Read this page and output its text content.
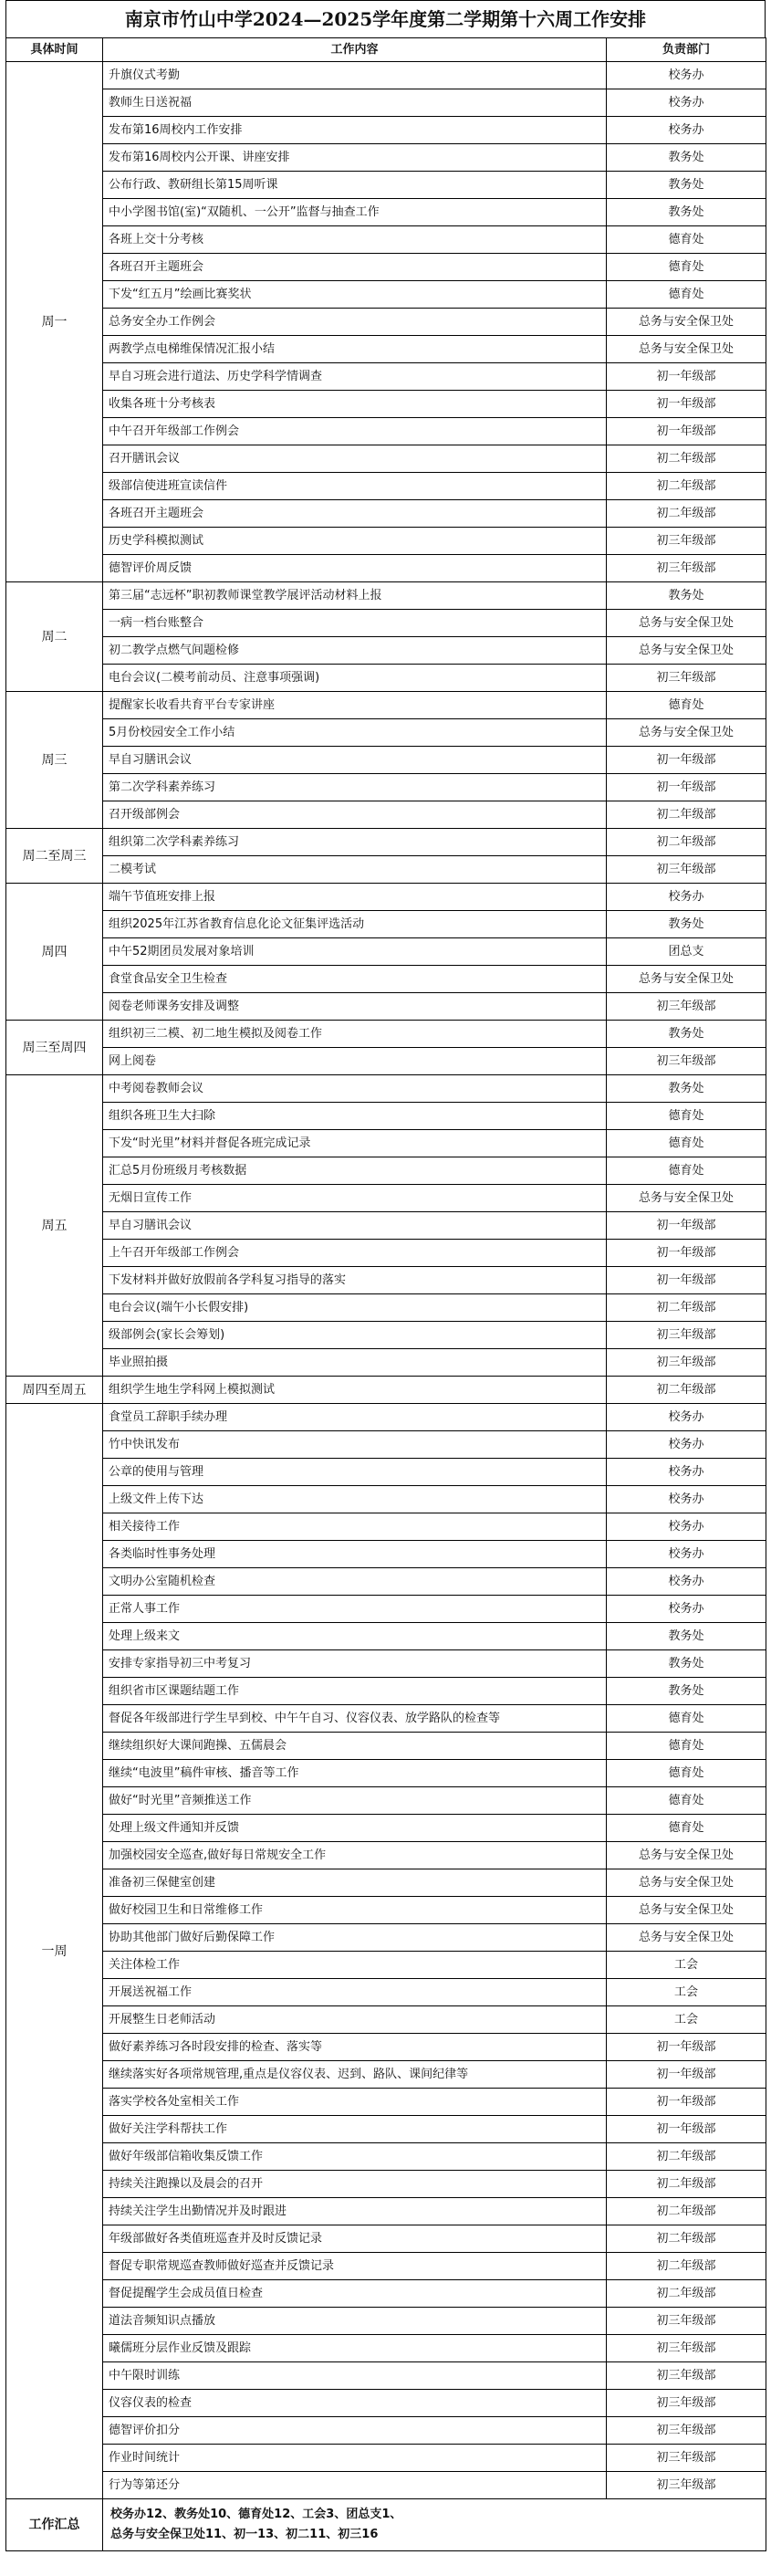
南京市竹山中学2024—2025学年度第二学期第十六周工作安排
具体时间	工作内容	负责部门
周一	升旗仪式考勤	校务办
	教师生日送祝福	校务办
	发布第16周校内工作安排	校务办
	发布第16周校内公开课、讲座安排	教务处
	公布行政、教研组长第15周听课	教务处
	中小学图书馆(室)“双随机、一公开”监督与抽查工作	教务处
	各班上交十分考核	德育处
	各班召开主题班会	德育处
	下发“红五月”绘画比赛奖状	德育处
	总务安全办工作例会	总务与安全保卫处
	两教学点电梯维保情况汇报小结	总务与安全保卫处
	早自习班会进行道法、历史学科学情调查	初一年级部
	收集各班十分考核表	初一年级部
	中午召开年级部工作例会	初一年级部
	召开膳讯会议	初二年级部
	级部信使进班宣读信件	初二年级部
	各班召开主题班会	初二年级部
	历史学科模拟测试	初三年级部
	德智评价周反馈	初三年级部
周二	第三届“志远杯”职初教师课堂教学展评活动材料上报	教务处
	一病一档台账整合	总务与安全保卫处
	初二教学点燃气间题检修	总务与安全保卫处
	电台会议(二模考前动员、注意事项强调)	初三年级部
周三	提醒家长收看共育平台专家讲座	德育处
	5月份校园安全工作小结	总务与安全保卫处
	早自习膳讯会议	初一年级部
	第二次学科素养练习	初一年级部
	召开级部例会	初二年级部
周二至周三	组织第二次学科素养练习	初二年级部
	二模考试	初三年级部
周四	端午节值班安排上报	校务办
	组织2025年江苏省教育信息化论文征集评选活动	教务处
	中午52期团员发展对象培训	团总支
	食堂食品安全卫生检查	总务与安全保卫处
	阅卷老师课务安排及调整	初三年级部
周三至周四	组织初三二模、初二地生模拟及阅卷工作	教务处
	网上阅卷	初三年级部
周五	中考阅卷教师会议	教务处
	组织各班卫生大扫除	德育处
	下发“时光里”材料并督促各班完成记录	德育处
	汇总5月份班级月考核数据	德育处
	无烟日宣传工作	总务与安全保卫处
	早自习膳讯会议	初一年级部
	上午召开年级部工作例会	初一年级部
	下发材料并做好放假前各学科复习指导的落实	初一年级部
	电台会议(端午小长假安排)	初二年级部
	级部例会(家长会筹划)	初三年级部
	毕业照拍摄	初三年级部
周四至周五	组织学生地生学科网上模拟测试	初二年级部
一周	食堂员工辞职手续办理	校务办
	竹中快讯发布	校务办
	公章的使用与管理	校务办
	上级文件上传下达	校务办
	相关接待工作	校务办
	各类临时性事务处理	校务办
	文明办公室随机检查	校务办
	正常人事工作	校务办
	处理上级来文	教务处
	安排专家指导初三中考复习	教务处
	组织省市区课题结题工作	教务处
	督促各年级部进行学生早到校、中午午自习、仪容仪表、放学路队的检查等	德育处
	继续组织好大课间跑操、五儒晨会	德育处
	继续“电波里”稿件审核、播音等工作	德育处
	做好“时光里”音频推送工作	德育处
	处理上级文件通知并反馈	德育处
	加强校园安全巡查,做好每日常规安全工作	总务与安全保卫处
	准备初三保健室创建	总务与安全保卫处
	做好校园卫生和日常维修工作	总务与安全保卫处
	协助其他部门做好后勤保障工作	总务与安全保卫处
	关注体检工作	工会
	开展送祝福工作	工会
	开展整生日老师活动	工会
	做好素养练习各时段安排的检查、落实等	初一年级部
	继续落实好各项常规管理,重点是仪容仪表、迟到、路队、课间纪律等	初一年级部
	落实学校各处室相关工作	初一年级部
	做好关注学科帮扶工作	初一年级部
	做好年级部信箱收集反馈工作	初二年级部
	持续关注跑操以及晨会的召开	初二年级部
	持续关注学生出勤情况并及时跟进	初二年级部
	年级部做好各类值班巡查并及时反馈记录	初二年级部
	督促专职常规巡查教师做好巡查并反馈记录	初二年级部
	督促提醒学生会成员值日检查	初二年级部
	道法音频知识点播放	初三年级部
	曦儒班分层作业反馈及跟踪	初三年级部
	中午限时训练	初三年级部
	仪容仪表的检查	初三年级部
	德智评价扣分	初三年级部
	作业时间统计	初三年级部
	行为等第还分	初三年级部
工作汇总	校务办12、教务处10、德育处12、工会3、团总支1、
总务与安全保卫处11、初一13、初二11、初三16	
